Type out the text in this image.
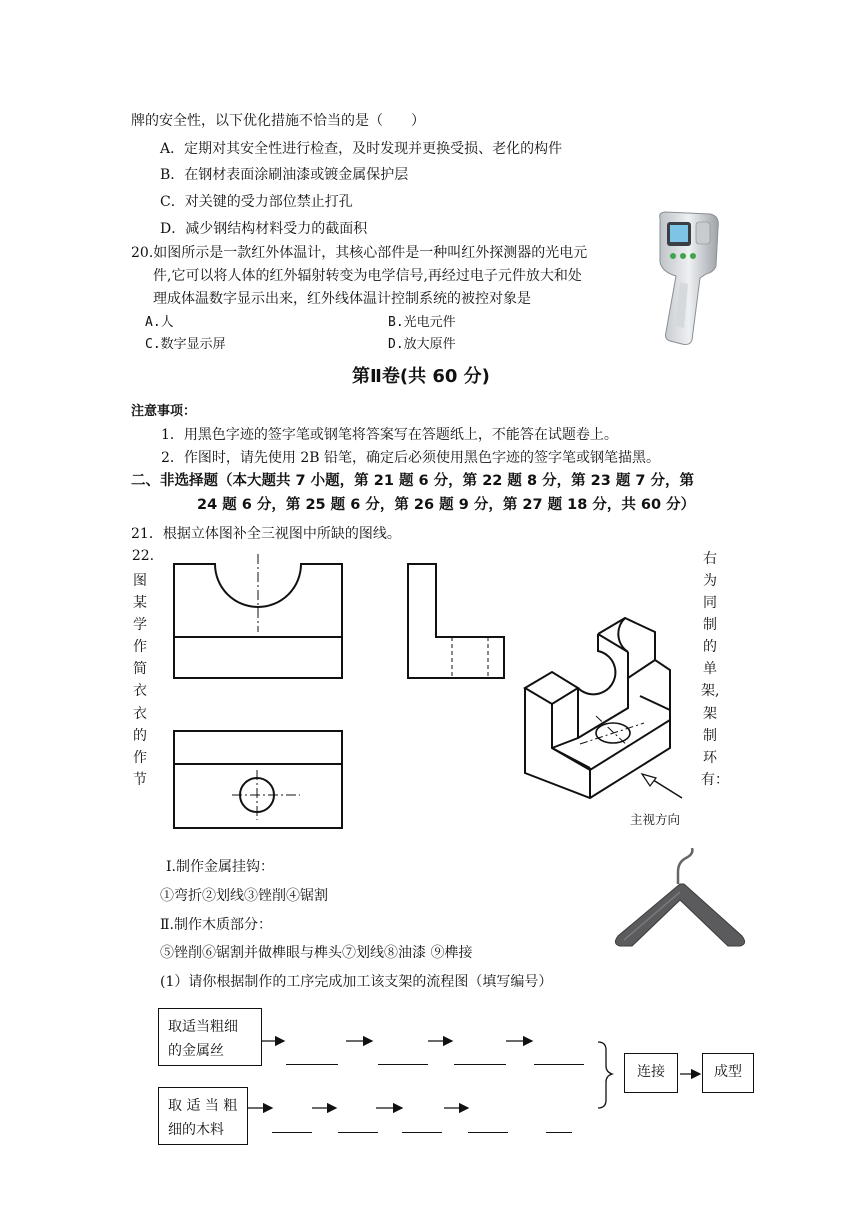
牌的安全性，以下优化措施不恰当的是（　　）
A．定期对其安全性进行检查，及时发现并更换受损、老化的构件
B．在钢材表面涂刷油漆或镀金属保护层
C．对关键的受力部位禁止打孔
D．减少钢结构材料受力的截面积
20.如图所示是一款红外体温计，其核心部件是一种叫红外探测器的光电元
件,它可以将人体的红外辐射转变为电学信号,再经过电子元件放大和处
理成体温数字显示出来，红外线体温计控制系统的被控对象是
A.人	B.光电元件
C.数字显示屏	D.放大原件
第Ⅱ卷(共 60 分)
注意事项：
1．用黑色字迹的签字笔或钢笔将答案写在答题纸上，不能答在试题卷上。
2．作图时，请先使用 2B 铅笔，确定后必须使用黑色字迹的签字笔或钢笔描黑。
二、非选择题（本大题共 7 小题，第 21 题 6 分，第 22 题 8 分，第 23 题 7 分，第
24 题 6 分，第 25 题 6 分，第 26 题 9 分，第 27 题 18 分，共 60 分）
21．根据立体图补全三视图中所缺的图线。
22.
图
某
学
作
简
衣
衣
的
作
节
右
为
同
制
的
单
架,
架
制
环
有：
主视方向
Ⅰ.制作金属挂钩：
①弯折②划线③锉削④锯割
Ⅱ.制作木质部分：
⑤锉削⑥锯割并做榫眼与榫头⑦划线⑧油漆 ⑨榫接
(1）请你根据制作的工序完成加工该支架的流程图（填写编号）
取适当粗细
的金属丝
取 适 当 粗
细的木料
连接	成型
